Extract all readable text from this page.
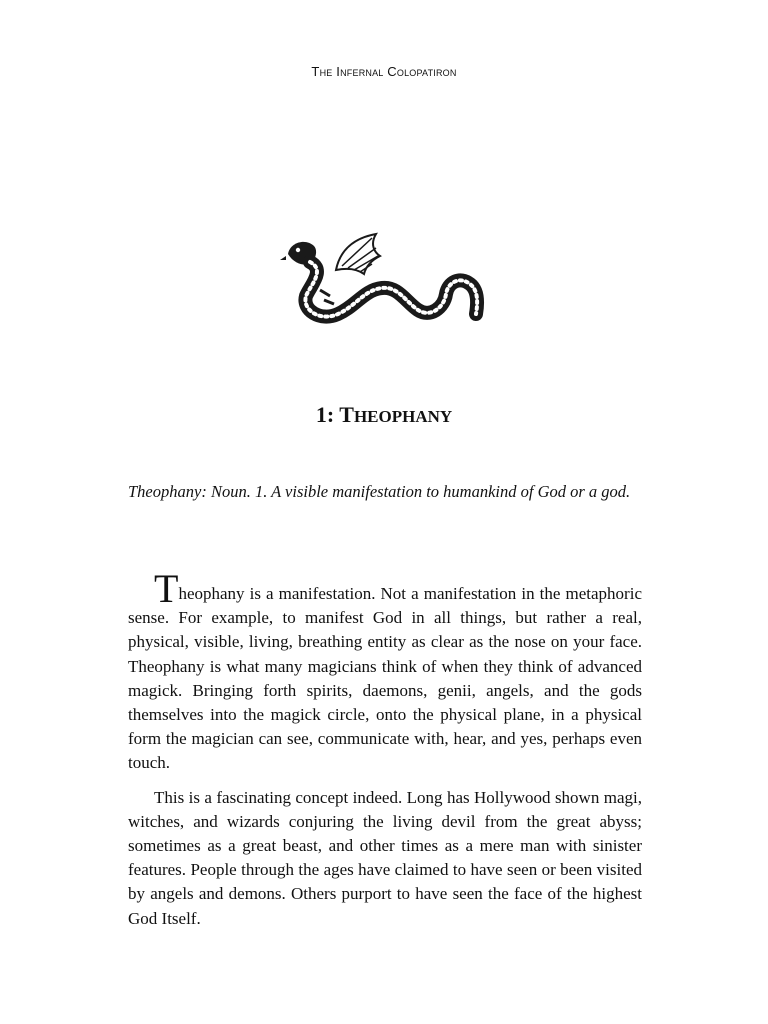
The Infernal Colopatiron
1: THEOPHANY

Theophany: Noun. 1. A visible manifestation to humankind of God or a god.

Theophany is a manifestation. Not a manifestation in the metaphoric sense. For example, to manifest God in all things, but rather a real, physical, visible, living, breathing entity as clear as the nose on your face. Theophany is what many magicians think of when they think of advanced magick. Bringing forth spirits, daemons, genii, angels, and the gods themselves into the magick circle, onto the physical plane, in a physical form the magician can see, communicate with, hear, and yes, perhaps even touch.

This is a fascinating concept indeed. Long has Hollywood shown magi, witches, and wizards conjuring the living devil from the great abyss; sometimes as a great beast, and other times as a mere man with sinister features. People through the ages have claimed to have seen or been visited by angels and demons. Others purport to have seen the face of the highest God Itself.
